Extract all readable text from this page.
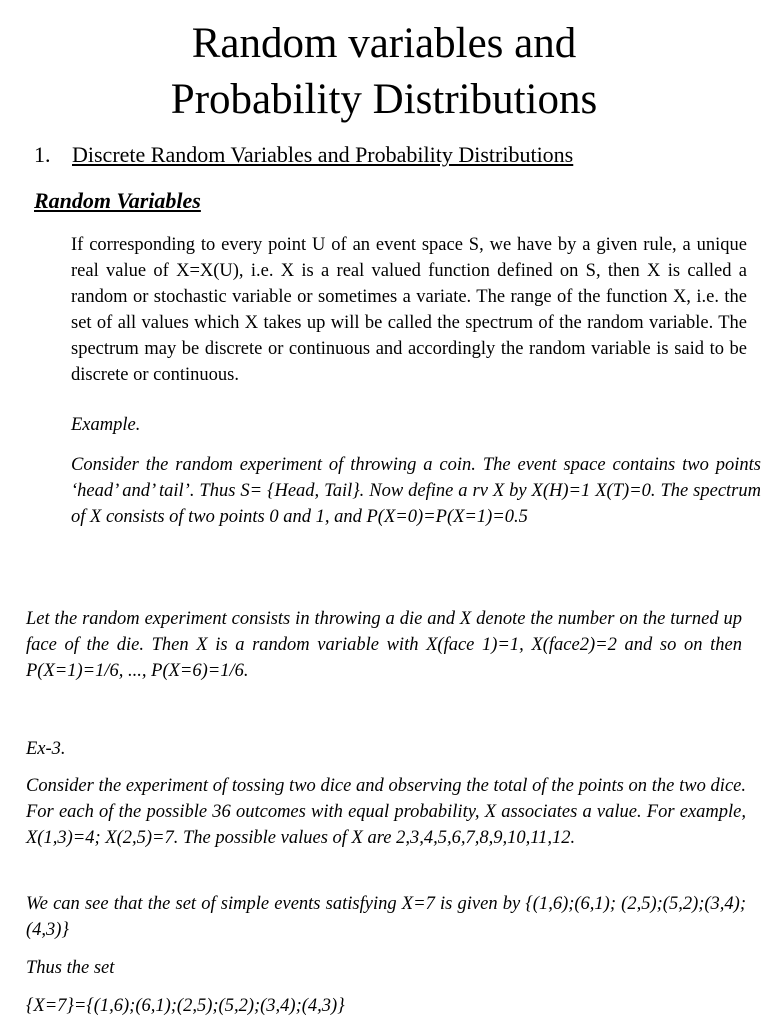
Random variables and
Probability Distributions
1. Discrete Random Variables and Probability Distributions
Random Variables

If corresponding to every point U of an event space S, we have by a given rule, a unique real value of X=X(U), i.e. X is a real valued function defined on S, then X is called a random or stochastic variable or sometimes a variate. The range of the function X, i.e. the set of all values which X takes up will be called the spectrum of the random variable. The spectrum may be discrete or continuous and accordingly the random variable is said to be discrete or continuous.

Example.

Consider the random experiment of throwing a coin. The event space contains two points ‘head’ and’ tail’. Thus S= {Head, Tail}. Now define a rv X by X(H)=1 X(T)=0. The spectrum of X consists of two points 0 and 1, and P(X=0)=P(X=1)=0.5

Let the random experiment consists in throwing a die and X denote the number on the turned up face of the die. Then X is a random variable with X(face 1)=1, X(face2)=2 and so on then P(X=1)=1/6, ..., P(X=6)=1/6.

Ex-3.

Consider the experiment of tossing two dice and observing the total of the points on the two dice. For each of the possible 36 outcomes with equal probability, X associates a value. For example, X(1,3)=4; X(2,5)=7. The possible values of X are 2,3,4,5,6,7,8,9,10,11,12.

We can see that the set of simple events satisfying X=7 is given by {(1,6);(6,1); (2,5);(5,2);(3,4);(4,3)}

Thus the set

{X=7}={(1,6);(6,1);(2,5);(5,2);(3,4);(4,3)}
